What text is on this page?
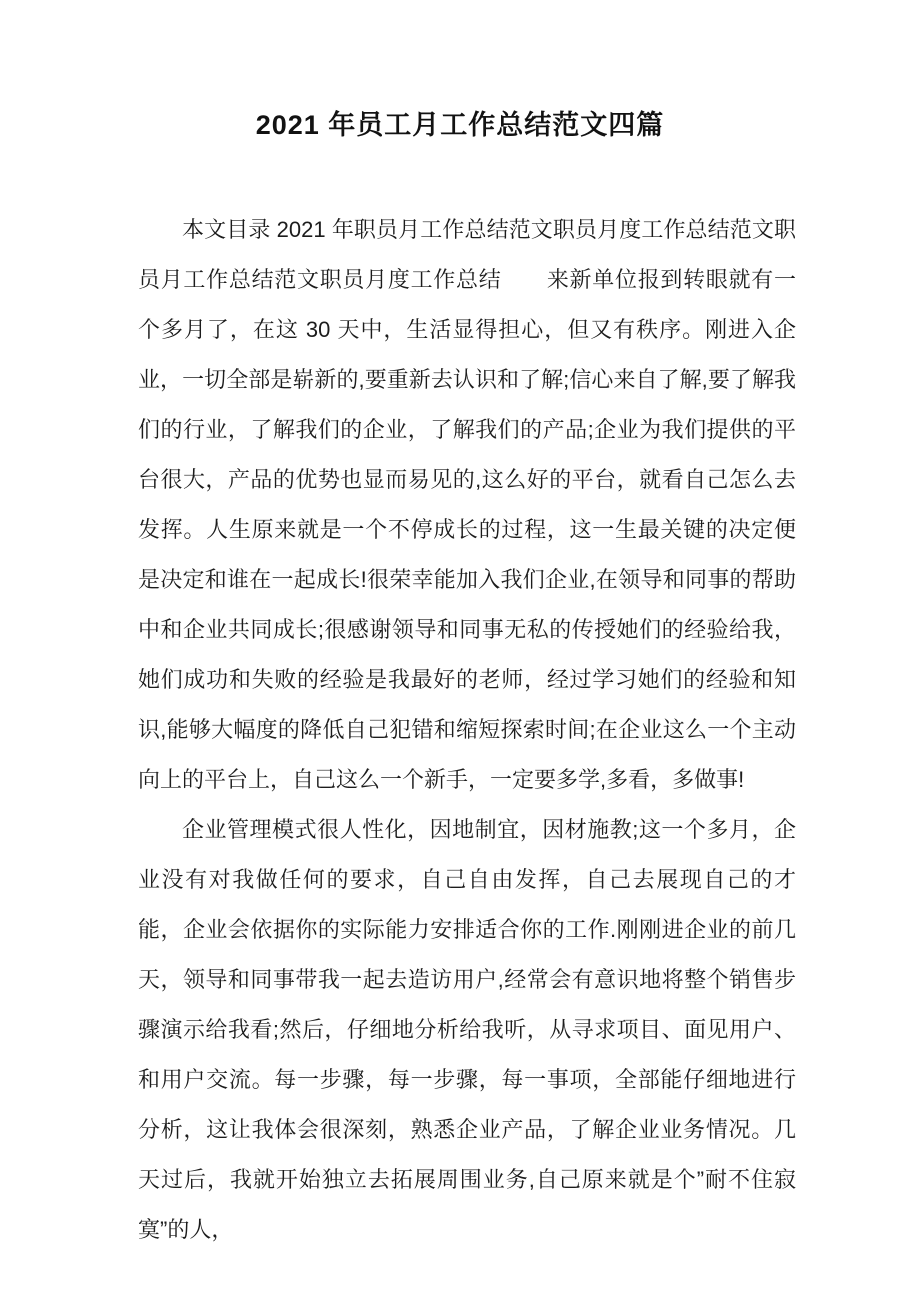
2021 年员工月工作总结范文四篇

本文目录 2021 年职员月工作总结范文职员月度工作总结范文职员月工作总结范文职员月度工作总结　　来新单位报到转眼就有一个多月了，在这 30 天中，生活显得担心，但又有秩序。刚进入企业，一切全部是崭新的,要重新去认识和了解;信心来自了解,要了解我们的行业，了解我们的企业，了解我们的产品;企业为我们提供的平台很大，产品的优势也显而易见的,这么好的平台，就看自己怎么去发挥。人生原来就是一个不停成长的过程，这一生最关键的决定便是决定和谁在一起成长!很荣幸能加入我们企业,在领导和同事的帮助中和企业共同成长;很感谢领导和同事无私的传授她们的经验给我，她们成功和失败的经验是我最好的老师，经过学习她们的经验和知识,能够大幅度的降低自己犯错和缩短探索时间;在企业这么一个主动向上的平台上，自己这么一个新手，一定要多学,多看，多做事!

企业管理模式很人性化，因地制宜，因材施教;这一个多月，企业没有对我做任何的要求，自己自由发挥，自己去展现自己的才能，企业会依据你的实际能力安排适合你的工作.刚刚进企业的前几天，领导和同事带我一起去造访用户,经常会有意识地将整个销售步骤演示给我看;然后，仔细地分析给我听，从寻求项目、面见用户、和用户交流。每一步骤，每一步骤，每一事项，全部能仔细地进行分析，这让我体会很深刻，熟悉企业产品，了解企业业务情况。几天过后，我就开始独立去拓展周围业务,自己原来就是个”耐不住寂寞”的人，
